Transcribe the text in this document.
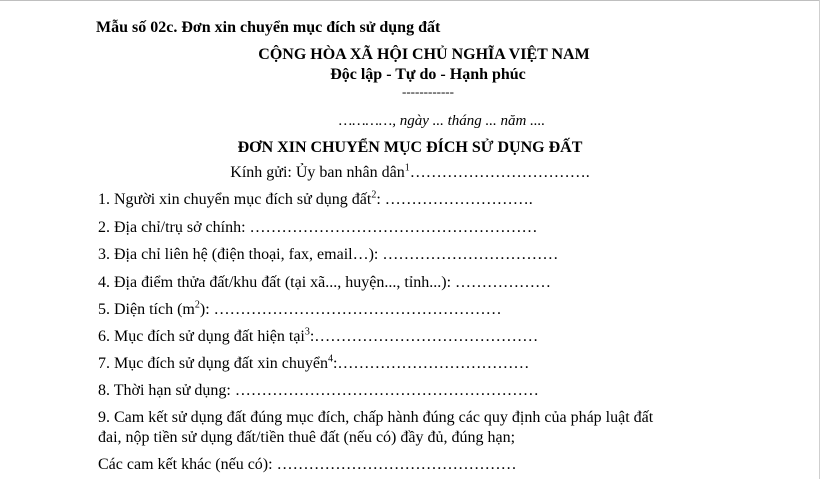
Mẫu số 02c. Đơn xin chuyển mục đích sử dụng đất
CỘNG HÒA XÃ HỘI CHỦ NGHĨA VIỆT NAM
Độc lập - Tự do - Hạnh phúc
------------
…………, ngày ... tháng ... năm ....
ĐƠN XIN CHUYỂN MỤC ĐÍCH SỬ DỤNG ĐẤT
Kính gửi: Ủy ban nhân dân$^1$…………………………….
1. Người xin chuyển mục đích sử dụng đất$^2$: ……………………….
2. Địa chỉ/trụ sở chính: ………………………………………………
3. Địa chỉ liên hệ (điện thoại, fax, email…): ……………………………
4. Địa điểm thửa đất/khu đất (tại xã..., huyện..., tỉnh...): ………………
5. Diện tích $(m^2)$: ………………………………………………
6. Mục đích sử dụng đất hiện tại$^3$:……………………………………
7. Mục đích sử dụng đất xin chuyển$^4$:………………………………
8. Thời hạn sử dụng: …………………………………………………
9. Cam kết sử dụng đất đúng mục đích, chấp hành đúng các quy định của pháp luật đất
đai, nộp tiền sử dụng đất/tiền thuê đất (nếu có) đầy đủ, đúng hạn;
Các cam kết khác (nếu có): ………………………………………
